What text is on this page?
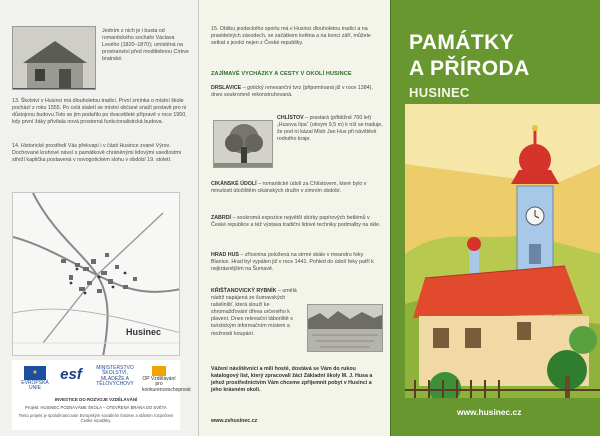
Jedním z nich je i busta od romantického sochaře Václava Levého (1820–1870); umístěná na prostranství před modlitebnou Církve bratrské.
13. Školství v Husinci má dlouholetou tradici. První zmínka o místní škole pochází z roku 1555. Po celá staletí se místní občané snaží postavit pro ni důstojnou budovu.Toto se jim podařilo po dvacetileté přípravě v roce 1950, kdy první žáky přivítala nová prostorná funkcionalistická budova.
14. Historické prostředí Vás překvapí i v části Husince zvané Výrov. Dochované kruhové návsí s památkově chráněnými lidovými usedlostmi střeží kaplička postavená v novogotickém slohu v období 19. století.
Husinec
★
EVROPSKÁ UNIE
esf	MINISTERSTVO ŠKOLSTVÍ, MLÁDEŽE A TĚLOVÝCHOVY
OP Vzdělávání pro konkurenceschopnost
INVESTICE DO ROZVOJE VZDĚLÁVÁNÍ
Projekt: HUSINEC POZNÁVÁME ŠKOLA – OTEVŘENÁ BRÁNA DO SVĚTA
Tento projekt je spolufinancován Evropským sociálním fondem a státním rozpočtem České republiky.
15. Oblibu jezdeckého sportu má v Husinci dlouholetou tradici a na pravidelných závodech, se začátkem května a na konci září, můžete setkat s jezdci nejen z České republiky.
ZAJÍMAVÉ VYCHÁZKY A CESTY V OKOLÍ HUSINCE
DRSLAVICE – gotický renesanční tvrz (připomínaná již v roce 1384), dnes soukromně rekonstruhovaná.
CHLÍSTOV – prastará (přibližně 700 let) „Husova lípa“ (obvym 9,5 m) k níž se traduje, že pod ní kázal Mistr Jan Hus při návštěvě rodného kraje.
CIKÁNSKÉ ÚDOLÍ – romantické údolí za Chlístovem, které bylo v minulosti útočištěm cikánských družin v zimním období.
ZABRDÍ – soukromá expozice největší sbírky papírových betlémů v České republice a též výstava tradiční lidové techniky podmalby na skle.
HRAD HUS – zřícenina položená na strmé skále v meandru řeky Blanice. Hrad byl vypálen již v roce 1441. Pohled do údolí řeky patří k nejkrásnějším na Šumavě.
KŘIŠŤANOVICKÝ RYBNÍK – umělá nádrž napájená ze šumavských rašelinišť, která slouží ke shromažďování dřeva určeného k plavení. Dnes rekreační táboriště s turistickým informačním místem a možností koupání.
Vážení návštěvníci a milí hosté, dostává se Vám do rukou katalogový list, který zpracovali žáci Základní školy M. J. Husa a jehož prostřednictvím Vám chceme zpříjemnit pobyt v Husinci a jeho krásném okolí.
www.zshusinec.cz
PAMÁTKY
A PŘÍRODA
HUSINEC
www.husinec.cz
